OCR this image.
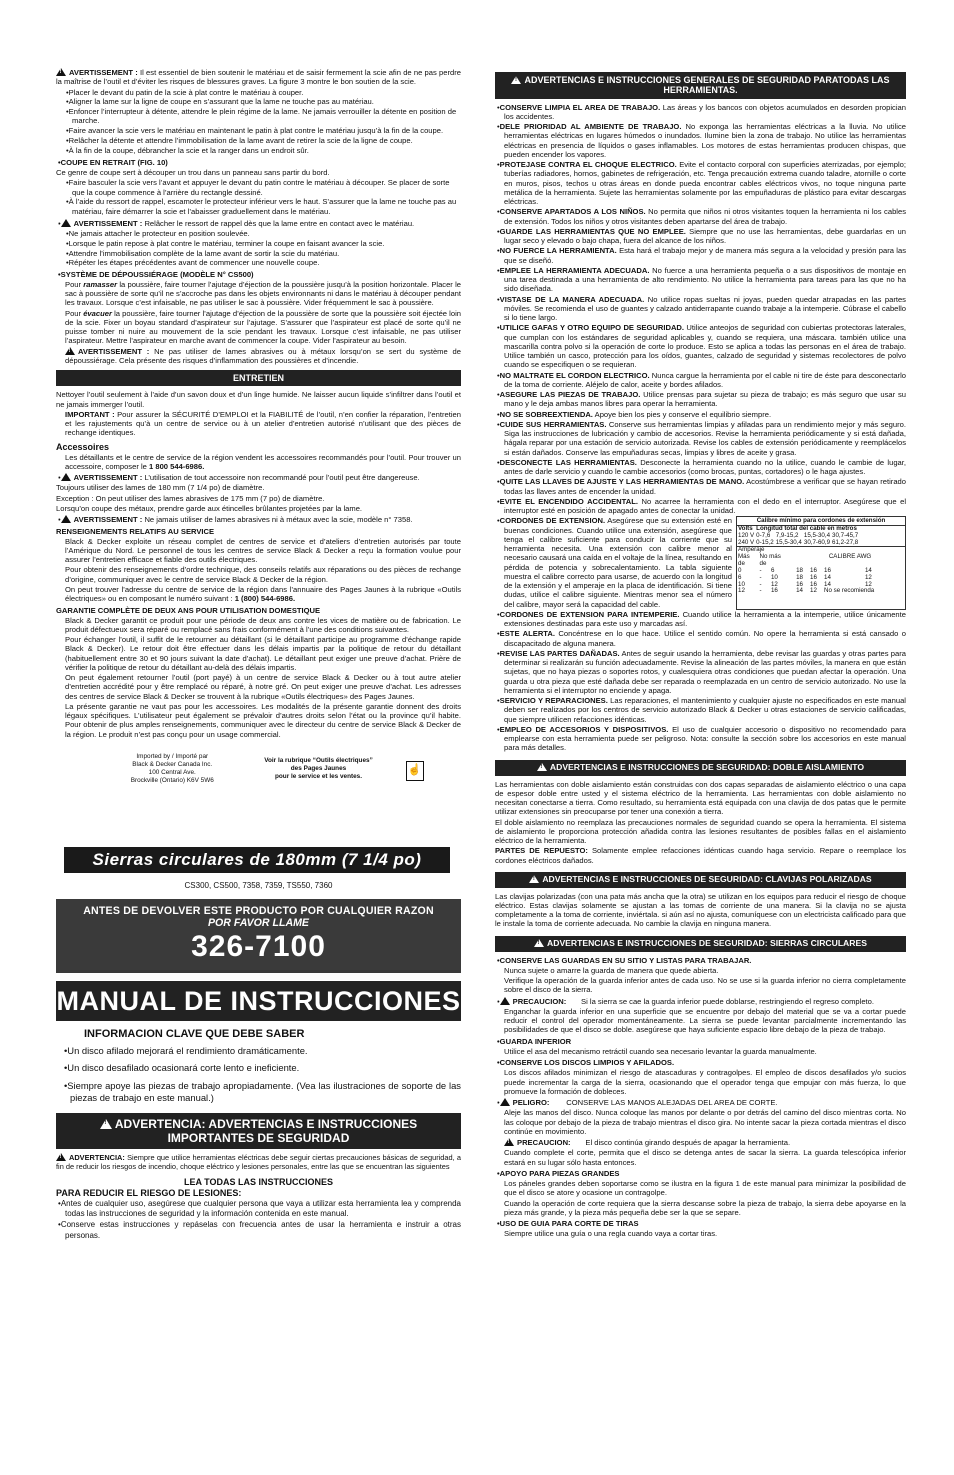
!AVERTISSEMENT : Il est essentiel de bien soutenir le matériau et de saisir fermement la scie afin de ne pas perdre la maîtrise de l’outil et d’éviter les risques de blessures graves. La figure 3 montre le bon soutien de la scie.

• Placer le devant du patin de la scie à plat contre le matériau à couper.

• Aligner la lame sur la ligne de coupe en s’assurant que la lame ne touche pas au matériau.

• Enfoncer l’interrupteur à détente, attendre le plein régime de la lame. Ne jamais verrouiller la détente en position de marche.

• Faire avancer la scie vers le matériau en maintenant le patin à plat contre le matériau jusqu’à la fin de la coupe.

• Relâcher la détente et attendre l’immobilisation de la lame avant de retirer la scie de la ligne de coupe.

• À la fin de la coupe, débrancher la scie et la ranger dans un endroit sûr.

• COUPE EN RETRAIT (FIG. 10)

Ce genre de coupe sert à découper un trou dans un panneau sans partir du bord.

• Faire basculer la scie vers l’avant et appuyer le devant du patin contre le matériau à découper. Se placer de sorte que la coupe commence à l’arrière du rectangle dessiné.

• À l’aide du ressort de rappel, escamoter le protecteur inférieur vers le haut. S’assurer que la lame ne touche pas au matériau, faire démarrer la scie et l’abaisser graduellement dans le matériau.

!• AVERTISSEMENT : Relâcher le ressort de rappel dès que la lame entre en contact avec le matériau.

• Ne jamais attacher le protecteur en position soulevée.

• Lorsque le patin repose à plat contre le matériau, terminer la coupe en faisant avancer la scie.

• Attendre l’immobilisation complète de la lame avant de sortir la scie du matériau.

• Répéter les étapes précédentes avant de commencer une nouvelle coupe.

• SYSTÈME DE DÉPOUSSIÉRAGE (MODÈLE N° CS500)

Pour ramasser la poussière, faire tourner l’ajutage d’éjection de la poussière jusqu’à la position horizontale. Placer le sac à poussière de sorte qu’il ne s’accroche pas dans les objets environnants ni dans le matériau à découper pendant les travaux. Lorsque c’est infaisable, ne pas utiliser le sac à poussière. Vider fréquemment le sac à poussière.

Pour évacuer la poussière, faire tourner l’ajutage d’éjection de la poussière de sorte que la poussière soit éjectée loin de la scie. Fixer un boyau standard d’aspirateur sur l’ajutage. S’assurer que l’aspirateur est placé de sorte qu’il ne puisse tomber ni nuire au mouvement de la scie pendant les travaux. Lorsque c’est infaisable, ne pas utiliser l’aspirateur. Mettre l’aspirateur en marche avant de commencer la coupe. Vider l’aspirateur au besoin.

!AVERTISSEMENT : Ne pas utiliser de lames abrasives ou à métaux lorsqu’on se sert du système de dépoussiérage. Cela présente des risques d’inflammation des poussières et d’incendie.

ENTRETIEN

Nettoyer l’outil seulement à l’aide d’un savon doux et d’un linge humide. Ne laisser aucun liquide s’infiltrer dans l’outil et ne jamais immerger l’outil.

IMPORTANT : Pour assurer la SÉCURITÉ D’EMPLOI et la FIABILITÉ de l’outil, n’en confier la réparation, l’entretien et les rajustements qu’à un centre de service ou à un atelier d’entretien autorisé n’utilisant que des pièces de rechange identiques.

Accessoires

Les détaillants et le centre de service de la région vendent les accessoires recommandés pour l’outil. Pour trouver un accessoire, composer le 1 800 544-6986.

!• AVERTISSEMENT : L’utilisation de tout accessoire non recommandé pour l’outil peut être dangereuse.

Toujours utiliser des lames de 180 mm (7 1/4 po) de diamètre.

Exception : On peut utiliser des lames abrasives de 175 mm (7 po) de diamètre.

Lorsqu’on coupe des métaux, prendre garde aux étincelles brûlantes projetées par la lame.

!• AVERTISSEMENT : Ne jamais utiliser de lames abrasives ni à métaux avec la scie, modèle n° 7358.

RENSEIGNEMENTS RELATIFS AU SERVICE

Black & Decker exploite un réseau complet de centres de service et d’ateliers d’entretien autorisés par toute l’Amérique du Nord. Le personnel de tous les centres de service Black & Decker a reçu la formation voulue pour assurer l’entretien efficace et fiable des outils électriques.

Pour obtenir des renseignements d’ordre technique, des conseils relatifs aux réparations ou des pièces de rechange d’origine, communiquer avec le centre de service Black & Decker de la région.

On peut trouver l’adresse du centre de service de la région dans l’annuaire des Pages Jaunes à la rubrique «Outils électriques» ou en composant le numéro suivant : 1 (800) 544-6986.

GARANTIE COMPLÈTE DE DEUX ANS POUR UTILISATION DOMESTIQUE

Black & Decker garantit ce produit pour une période de deux ans contre les vices de matière ou de fabrication. Le produit défectueux sera réparé ou remplacé sans frais conformément à l’une des conditions suivantes.

Pour échanger l’outil, il suffit de le retourner au détaillant (si le détaillant participe au programme d’échange rapide Black & Decker). Le retour doit être effectuer dans les délais impartis par la politique de retour du détaillant (habituellement entre 30 et 90 jours suivant la date d’achat). Le détaillant peut exiger une preuve d’achat. Prière de vérifier la politique de retour du détaillant au-delà des délais impartis.

On peut également retourner l’outil (port payé) à un centre de service Black & Decker ou à tout autre atelier d’entretien accrédité pour y être remplacé ou réparé, à notre gré. On peut exiger une preuve d’achat. Les adresses des centres de service Black & Decker se trouvent à la rubrique «Outils électriques» des Pages Jaunes.

La présente garantie ne vaut pas pour les accessoires. Les modalités de la présente garantie donnent des droits légaux spécifiques. L’utilisateur peut également se prévaloir d’autres droits selon l’état ou la province qu’il habite. Pour obtenir de plus amples renseignements, communiquer avec le directeur du centre de service Black & Decker de la région. Le produit n’est pas conçu pour un usage commercial.

Imported by / Importé par
Black & Decker Canada Inc.
100 Central Ave.
Brockville (Ontario) K6V 5W6
Voir la rubrique “Outils électriques”
des Pages Jaunes
pour le service et les ventes.
☝
Sierras circulares de 180mm (7 1/4 po)

CS300, CS500, 7358, 7359, TS550, 7360

ANTES DE DEVOLVER ESTE PRODUCTO POR CUALQUIER RAZON
POR FAVOR LLAME
326-7100
MANUAL DE INSTRUCCIONES

INFORMACION CLAVE QUE DEBE SABER

• Un disco afilado mejorará el rendimiento dramáticamente.

• Un disco desafilado ocasionará corte lento e ineficiente.

• Siempre apoye las piezas de trabajo apropiadamente. (Vea las ilustraciones de soporte de las piezas de trabajo en este manual.)

!ADVERTENCIA: ADVERTENCIAS E INSTRUCCIONES
IMPORTANTES DE SEGURIDAD

!ADVERTENCIA: Siempre que utilice herramientas eléctricas debe seguir ciertas precauciones básicas de seguridad, a fin de reducir los riesgos de incendio, choque eléctrico y lesiones personales, entre las que se encuentran las siguientes

LEA TODAS LAS INSTRUCCIONES

PARA REDUCIR EL RIESGO DE LESIONES:

• Antes de cualquier uso, asegúrese que cualquier persona que vaya a utilizar esta herramienta lea y comprenda todas las instrucciones de seguridad y la información contenida en este manual.

• Conserve estas instrucciones y repáselas con frecuencia antes de usar la herramienta e instruir a otras personas.

!ADVERTENCIAS E INSTRUCCIONES GENERALES DE SEGURIDAD PARATODAS LAS HERRAMIENTAS.

• CONSERVE LIMPIA EL AREA DE TRABAJO. Las áreas y los bancos con objetos acumulados en desorden propician los accidentes.

• DELE PRIORIDAD AL AMBIENTE DE TRABAJO. No exponga las herramientas eléctricas a la lluvia. No utilice herramientas eléctricas en lugares húmedos o inundados. Ilumine bien la zona de trabajo. No utilice las herramientas eléctricas en presencia de líquidos o gases inflamables. Los motores de estas herramientas producen chispas, que pueden encender los vapores.

• PROTEJASE CONTRA EL CHOQUE ELECTRICO. Evite el contacto corporal con superficies aterrizadas, por ejemplo; tuberías radiadores, hornos, gabinetes de refrigeración, etc. Tenga precaución extrema cuando taladre, atornille o corte en muros, pisos, techos u otras áreas en donde pueda encontrar cables eléctricos vivos, no toque ninguna parte metálica de la herramienta. Sujete las herramientas solamente por las empuñaduras de plástico para evitar descargas eléctricas.

• CONSERVE APARTADOS A LOS NIÑOS. No permita que niños ni otros visitantes toquen la herramienta ni los cables de extensión. Todos los niños y otros visitantes deben apartarse del área de trabajo.

• GUARDE LAS HERRAMIENTAS QUE NO EMPLEE. Siempre que no use las herramientas, debe guardarlas en un lugar seco y elevado o bajo chapa, fuera del alcance de los niños.

• NO FUERCE LA HERRAMIENTA. Esta hará el trabajo mejor y de manera más segura a la velocidad y presión para las que se diseñó.

• EMPLEE LA HERRAMIENTA ADECUADA. No fuerce a una herramienta pequeña o a sus dispositivos de montaje en una tarea destinada a una herramienta de alto rendimiento. No utilice la herramienta para tareas para las que no ha sido diseñada.

• VISTASE DE LA MANERA ADECUADA. No utilice ropas sueltas ni joyas, pueden quedar atrapadas en las partes móviles. Se recomienda el uso de guantes y calzado antiderrapante cuando trabaje a la intemperie. Cúbrase el cabello si lo tiene largo.

• UTILICE GAFAS Y OTRO EQUIPO DE SEGURIDAD. Utilice anteojos de seguridad con cubiertas protectoras laterales, que cumplan con los estándares de seguridad aplicables y, cuando se requiera, una máscara. también utilice una mascarilla contra polvo si la operación de corte lo produce. Esto se aplica a todas las personas en el área de trabajo. Utilice también un casco, protección para los oídos, guantes, calzado de seguridad y sistemas recolectores de polvo cuando se especifiquen o se requieran.

• NO MALTRATE EL CORDON ELECTRICO. Nunca cargue la herramienta por el cable ni tire de éste para desconectarlo de la toma de corriente. Aléjelo de calor, aceite y bordes afilados.

• ASEGURE LAS PIEZAS DE TRABAJO. Utilice prensas para sujetar su pieza de trabajo; es más seguro que usar su mano y le deja ambas manos libres para operar la herramienta.

• NO SE SOBREEXTIENDA. Apoye bien los pies y conserve el equilibrio siempre.

• CUIDE SUS HERRAMIENTAS. Conserve sus herramientas limpias y afiladas para un rendimiento mejor y más seguro. Siga las instrucciones de lubricación y cambio de accesorios. Revise la herramienta periódicamente y si está dañada, hágala reparar por una estación de servicio autorizada. Revise los cables de extensión periódicamente y reemplácelos si están dañados. Conserve las empuñaduras secas, limpias y libres de aceite y grasa.

• DESCONECTE LAS HERRAMIENTAS. Desconecte la herramienta cuando no la utilice, cuando le cambie de lugar, antes de darle servicio y cuando le cambie accesorios (como brocas, puntas, cortadores) o le haga ajustes.

• QUITE LAS LLAVES DE AJUSTE Y LAS HERRAMIENTAS DE MANO. Acostúmbrese a verificar que se hayan retirado todas las llaves antes de encender la unidad.

• EVITE EL ENCENDIDO ACCIDENTAL. No acarree la herramienta con el dedo en el interruptor. Asegúrese que el interruptor esté en posición de apagado antes de conectar la unidad.

• CORDONES DE EXTENSION. Asegúrese que su extensión esté en buenas condiciones. Cuando utilice una extensión, asegúrese que tenga el calibre suficiente para conducir la corriente que su herramienta necesita. Una extensión con calibre menor al necesario causará una caída en el voltaje de la línea, resultando en pérdida de potencia y sobrecalentamiento. La tabla siguiente muestra el calibre correcto para usarse, de acuerdo con la longitud de la extensión y el amperaje en la placa de identificación. Si tiene dudas, utilice el calibre siguiente. Mientras menor sea el número del calibre, mayor será la capacidad del cable.

Calibre mínimo para cordones de extensión
Volts	Longitud total del cable en metros			
120 V	0-7,6	7,9-15,2	15,5-30,4	30,7-45,7
240 V	0-15,2	15,5-30,4	30,7-60,9	61,2-27,8
Amperaje						
Más	No más		CALIBRE AWG			
de	de					
0	-	6	18	16	16	14
6	-	10	18	16	14	12
10	-	12	16	16	14	12
12	-	16	14	12	No se recomienda	

• CORDONES DE EXTENSION PARA INTEMPERIE. Cuando utilice la herramienta a la intemperie, utilice únicamente extensiones destinadas para este uso y marcadas así.

• ESTE ALERTA. Concéntrese en lo que hace. Utilice el sentido común. No opere la herramienta si está cansado o discapacitado de alguna manera.

• REVISE LAS PARTES DAÑADAS. Antes de seguir usando la herramienta, debe revisar las guardas y otras partes para determinar si realizarán su función adecuadamente. Revise la alineación de las partes móviles, la manera en que están sujetas, que no haya piezas o soportes rotos, y cualesquiera otras condiciones que puedan afectar la operación. Una guarda u otra pieza que esté dañada debe ser reparada o reemplazada en un centro de servicio autorizado. No use la herramienta si el interruptor no enciende y apaga.

• SERVICIO Y REPARACIONES. Las reparaciones, el mantenimiento y cualquier ajuste no especificados en este manual deben ser realizados por los centros de servicio autorizado Black & Decker u otras estaciones de servicio calificadas, que siempre utilicen refacciones idénticas.

• EMPLEO DE ACCESORIOS Y DISPOSITIVOS. El uso de cualquier accesorio o dispositivo no recomendado para emplearse con esta herramienta puede ser peligroso. Nota: consulte la sección sobre los accesorios en este manual para más detalles.

!ADVERTENCIAS E INSTRUCCIONES DE SEGURIDAD: DOBLE AISLAMIENTO

Las herramientas con doble aislamiento están construidas con dos capas separadas de aislamiento eléctrico o una capa de espesor doble entre usted y el sistema eléctrico de la herramienta. Las herramientas con doble aislamiento no necesitan conectarse a tierra. Como resultado, su herramienta está equipada con una clavija de dos patas que le permite utilizar extensiones sin preocuparse por tener una conexión a tierra.

El doble aislamiento no reemplaza las precauciones normales de seguridad cuando se opera la herramienta. El sistema de aislamiento le proporciona protección añadida contra las lesiones resultantes de posibles fallas en el aislamiento eléctrico de la herramienta.

PARTES DE REPUESTO: Solamente emplee refacciones idénticas cuando haga servicio. Repare o reemplace los cordones eléctricos dañados.

!ADVERTENCIAS E INSTRUCCIONES DE SEGURIDAD: CLAVIJAS POLARIZADAS

Las clavijas polarizadas (con una pata más ancha que la otra) se utilizan en los equipos para reducir el riesgo de choque eléctrico. Estas clavijas solamente se ajustan a las tomas de corriente de una manera. Si la clavija no se ajusta completamente a la toma de corriente, inviértala. si aún así no ajusta, comuníquese con un electricista calificado para que le instale la toma de corriente adecuada. No cambie la clavija en ninguna manera.

!ADVERTENCIAS E INSTRUCCIONES DE SEGURIDAD: SIERRAS CIRCULARES

• CONSERVE LAS GUARDAS EN SU SITIO Y LISTAS PARA TRABAJAR.

Nunca sujete o amarre la guarda de manera que quede abierta.

Verifique la operación de la guarda inferior antes de cada uso. No se use si la guarda inferior no cierra completamente sobre el disco de la sierra.

!• PRECAUCION: Si la sierra se cae la guarda inferior puede doblarse, restringiendo el regreso completo.

Enganchar la guarda inferior en una superficie que se encuentre por debajo del material que se va a cortar puede reducir el control del operador momentáneamente. La sierra se puede levantar parcialmente incrementando las posibilidades de que el disco se doble. asegúrese que haya suficiente espacio libre debajo de la pieza de trabajo.

• GUARDA INFERIOR

Utilice el asa del mecanismo retráctil cuando sea necesario levantar la guarda manualmente.

• CONSERVE LOS DISCOS LIMPIOS Y AFILADOS.

Los discos afilados minimizan el riesgo de atascaduras y contragolpes. El empleo de discos desafilados y/o sucios puede incrementar la carga de la sierra, ocasionando que el operador tenga que empujar con más fuerza, lo que promueve la formación de dobleces.

!• PELIGRO: CONSERVE LAS MANOS ALEJADAS DEL AREA DE CORTE.

Aleje las manos del disco. Nunca coloque las manos por delante o por detrás del camino del disco mientras corta. No las coloque por debajo de la pieza de trabajo mientras el disco gira. No intente sacar la pieza cortada mientras el disco continúe en movimiento.

!PRECAUCION: El disco continúa girando después de apagar la herramienta.

Cuando complete el corte, permita que el disco se detenga antes de sacar la sierra. La guarda telescópica inferior estará en su lugar sólo hasta entonces.

• APOYO PARA PIEZAS GRANDES

Los páneles grandes deben soportarse como se ilustra en la figura 1 de este manual para minimizar la posibilidad de que el disco se atore y ocasione un contragolpe.

Cuando la operación de corte requiera que la sierra descanse sobre la pieza de trabajo, la sierra debe apoyarse en la pieza más grande, y la pieza más pequeña debe ser la que se separe.

• USO DE GUIA PARA CORTE DE TIRAS

Siempre utilice una guía o una regla cuando vaya a cortar tiras.
